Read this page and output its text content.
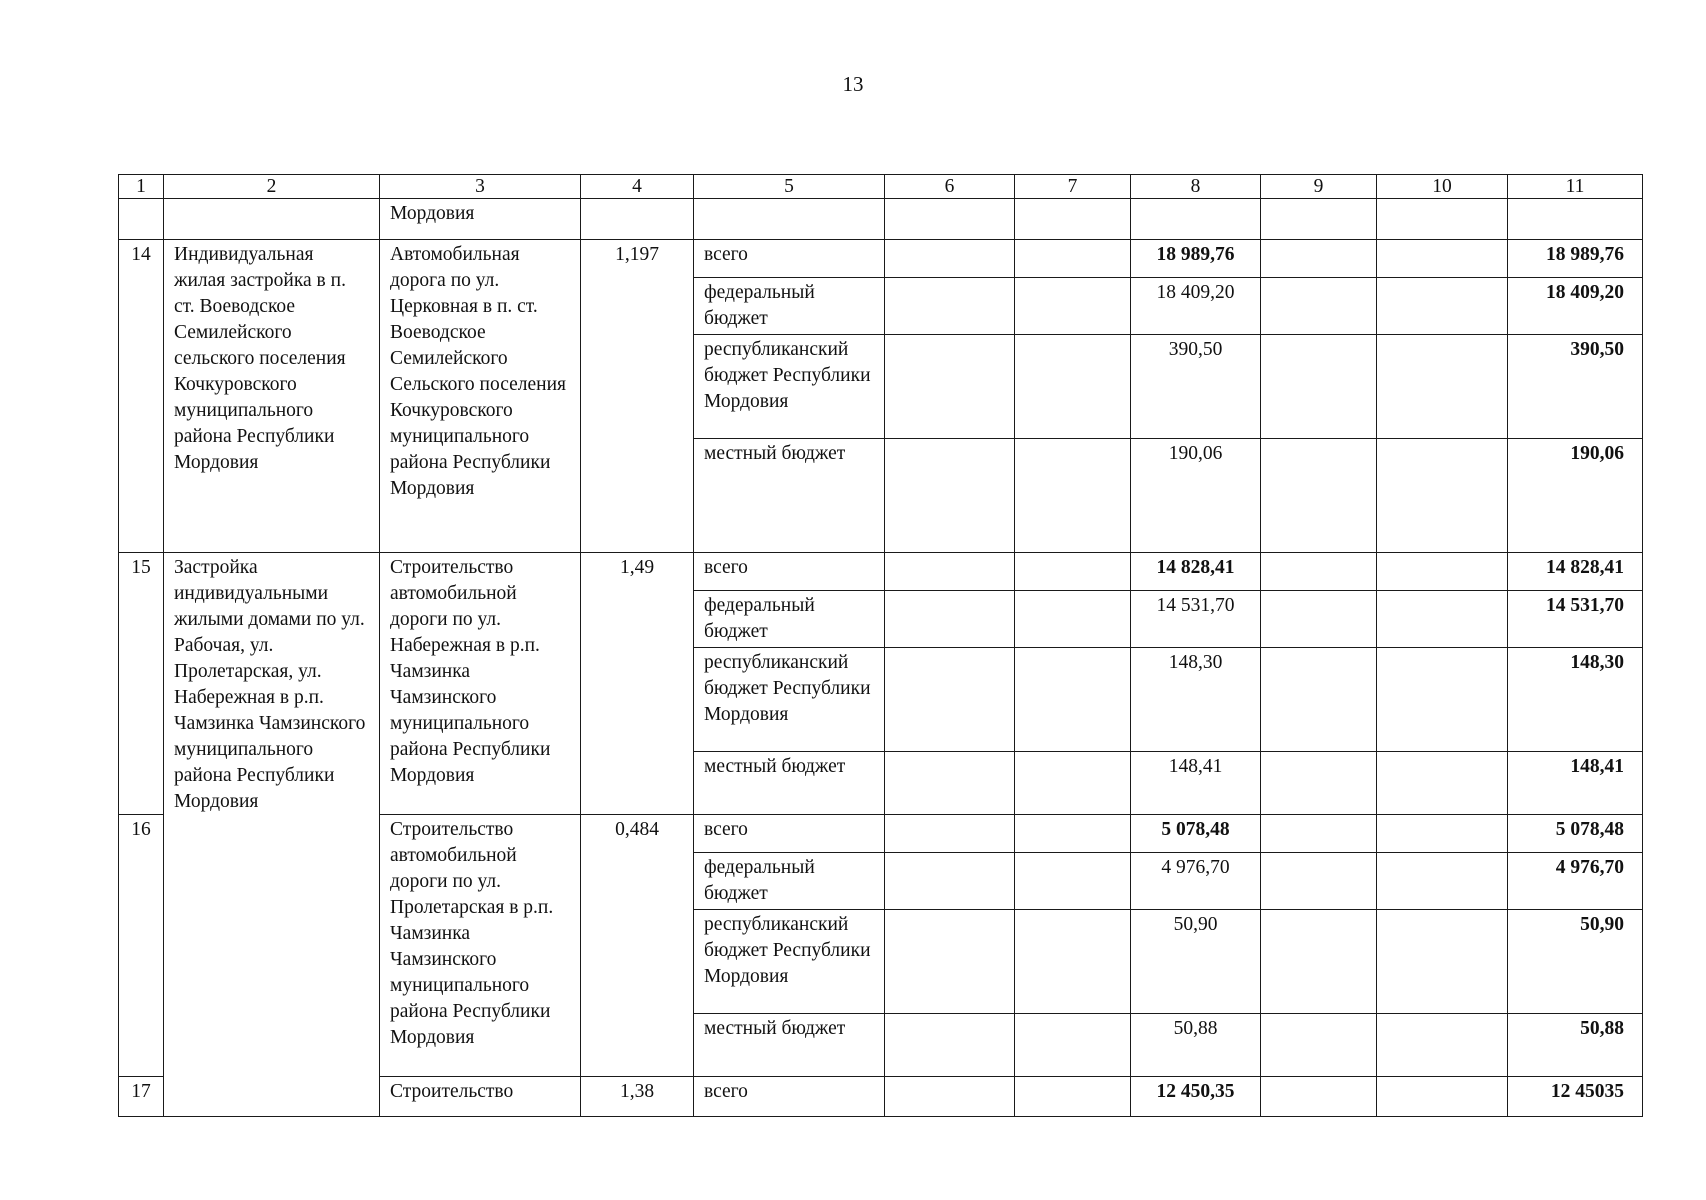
13
1	2	3	4	5	6	7	8	9	10	11
		Мордовия								
14	Индивидуальная жилая застройка в п. ст. Воеводское Семилейского сельского поселения Кочкуровского муниципального района Республики Мордовия	Автомобильная дорога по ул. Церковная в п. ст. Воеводское Семилейского Сельского поселения Кочкуровского муниципального района Республики Мордовия	1,197	всего			18 989,76			18 989,76
				федеральный бюджет			18 409,20			18 409,20
				республиканский бюджет Республики Мордовия			390,50			390,50
				местный бюджет			190,06			190,06
15	Застройка индивидуальными жилыми домами по ул. Рабочая, ул. Пролетарская, ул. Набережная в р.п. Чамзинка Чамзинского муниципального района Республики Мордовия	Строительство автомобильной дороги по ул. Набережная в р.п. Чамзинка Чамзинского муниципального района Республики Мордовия	1,49	всего			14 828,41			14 828,41
				федеральный бюджет			14 531,70			14 531,70
				республиканский бюджет Республики Мордовия			148,30			148,30
				местный бюджет			148,41			148,41
16		Строительство автомобильной дороги по ул. Пролетарская в р.п. Чамзинка Чамзинского муниципального района Республики Мордовия	0,484	всего			5 078,48			5 078,48
				федеральный бюджет			4 976,70			4 976,70
				республиканский бюджет Республики Мордовия			50,90			50,90
				местный бюджет			50,88			50,88
17		Строительство	1,38	всего			12 450,35			12 45035
